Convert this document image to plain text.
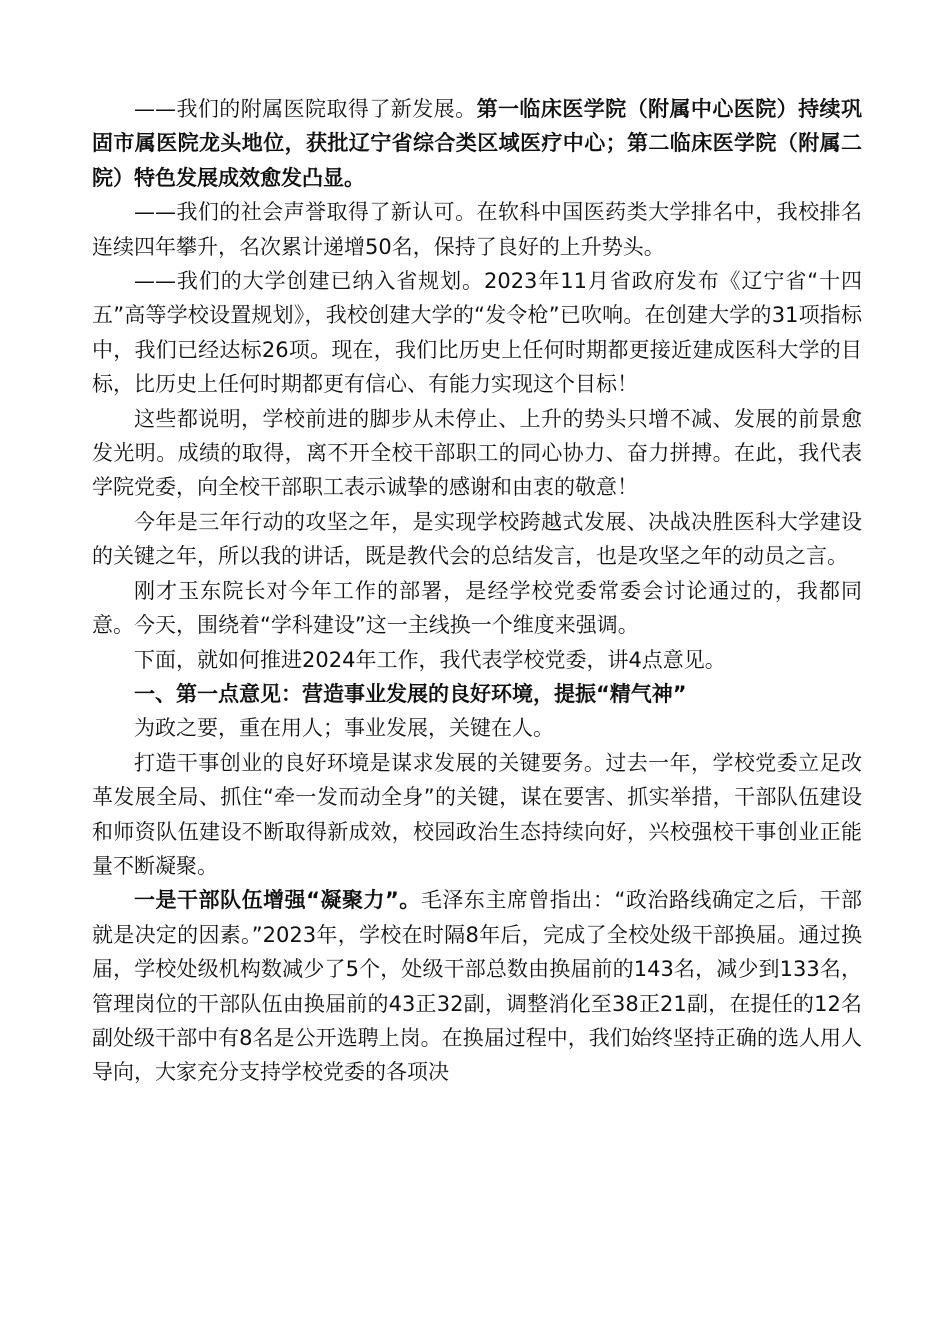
——我们的附属医院取得了新发展。第一临床医学院（附属中心医院）持续巩固市属医院龙头地位，获批辽宁省综合类区域医疗中心；第二临床医学院（附属二院）特色发展成效愈发凸显。

——我们的社会声誉取得了新认可。在软科中国医药类大学排名中，我校排名连续四年攀升，名次累计递增50名，保持了良好的上升势头。

——我们的大学创建已纳入省规划。2023年11月省政府发布《辽宁省“十四五”高等学校设置规划》，我校创建大学的“发令枪”已吹响。在创建大学的31项指标中，我们已经达标26项。现在，我们比历史上任何时期都更接近建成医科大学的目标，比历史上任何时期都更有信心、有能力实现这个目标！

这些都说明，学校前进的脚步从未停止、上升的势头只增不减、发展的前景愈发光明。成绩的取得，离不开全校干部职工的同心协力、奋力拼搏。在此，我代表学院党委，向全校干部职工表示诚挚的感谢和由衷的敬意！

今年是三年行动的攻坚之年，是实现学校跨越式发展、决战决胜医科大学建设的关键之年，所以我的讲话，既是教代会的总结发言，也是攻坚之年的动员之言。

刚才玉东院长对今年工作的部署，是经学校党委常委会讨论通过的，我都同意。今天，围绕着“学科建设”这一主线换一个维度来强调。

下面，就如何推进2024年工作，我代表学校党委，讲4点意见。

一、第一点意见：营造事业发展的良好环境，提振“精气神”

为政之要，重在用人；事业发展，关键在人。

打造干事创业的良好环境是谋求发展的关键要务。过去一年，学校党委立足改革发展全局、抓住“牵一发而动全身”的关键，谋在要害、抓实举措，干部队伍建设和师资队伍建设不断取得新成效，校园政治生态持续向好，兴校强校干事创业正能量不断凝聚。

一是干部队伍增强“凝聚力”。毛泽东主席曾指出：“政治路线确定之后，干部就是决定的因素。”2023年，学校在时隔8年后，完成了全校处级干部换届。通过换届，学校处级机构数减少了5个，处级干部总数由换届前的143名，减少到133名，管理岗位的干部队伍由换届前的43正32副，调整消化至38正21副，在提任的12名副处级干部中有8名是公开选聘上岗。在换届过程中，我们始终坚持正确的选人用人导向，大家充分支持学校党委的各项决
